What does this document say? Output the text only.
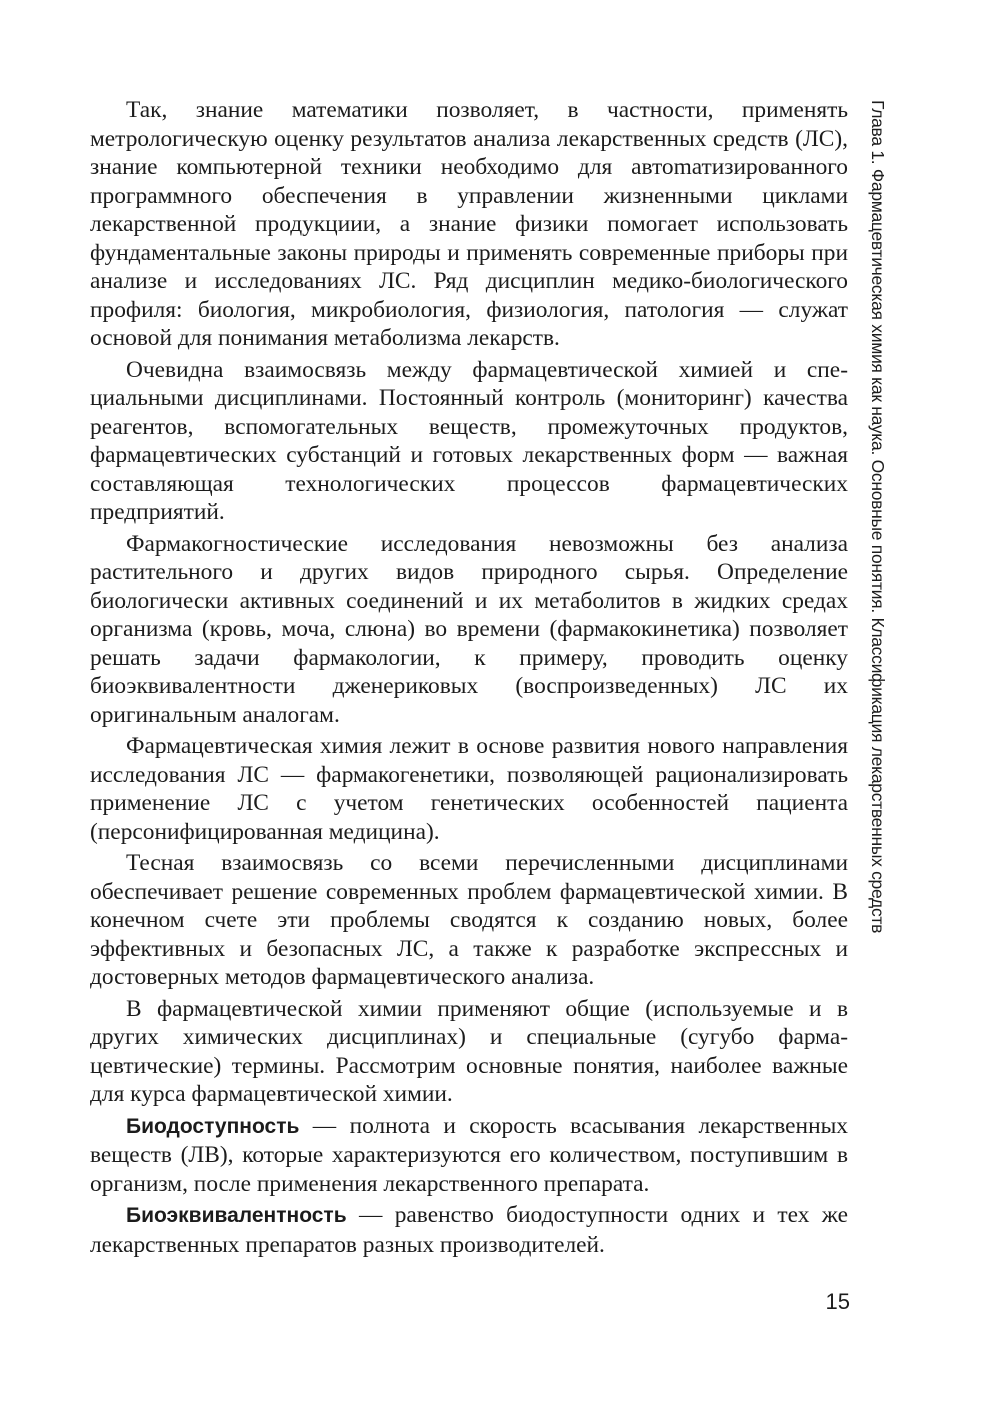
Глава 1. Фармацевтическая химия как наука. Основные понятия. Классификация лекарственных средств

Так, знание математики позволяет, в частности, применять метрологическую оценку результатов анализа лекарственных средств (ЛС), знание компьютерной техники необходимо для автоmатизированного программного обеспечения в управлении жизненными циклами лекарственной продукциии, а знание физики помогает использовать фундаментальные законы природы и применять современные приборы при анализе и исследованиях ЛС. Ряд дисциплин медико-биологического профиля: биология, микробиология, физиология, патология — служат основой для понимания метаболизма лекарств.

Очевидна взаимосвязь между фармацевтической химией и специальными дисциплинами. Постоянный контроль (мониторинг) качества реагентов, вспомогательных веществ, промежуточных продуктов, фармацевтических субстанций и готовых лекарственных форм — важная составляющая технологических процессов фармацевтических предприятий.

Фармакогностические исследования невозможны без анализа растительного и других видов природного сырья. Определение биологически активных соединений и их метаболитов в жидких средах организма (кровь, моча, слюна) во времени (фармакокинетика) позволяет решать задачи фармакологии, к примеру, проводить оценку биоэквивалентности дженериковых (воспроизведенных) ЛС их оригинальным аналогам.

Фармацевтическая химия лежит в основе развития нового направления исследования ЛС — фармакогенетики, позволяющей рационализировать применение ЛС с учетом генетических особенностей пациента (персонифицированная медицина).

Тесная взаимосвязь со всеми перечисленными дисциплинами обеспечивает решение современных проблем фармацевтической химии. В конечном счете эти проблемы сводятся к созданию новых, более эффективных и безопасных ЛС, а также к разработке экспрессных и достоверных методов фармацевтического анализа.

В фармацевтической химии применяют общие (используемые и в других химических дисциплинах) и специальные (сугубо фармацевтические) термины. Рассмотрим основные понятия, наиболее важные для курса фармацевтической химии.

Биодоступность — полнота и скорость всасывания лекарственных веществ (ЛВ), которые характеризуются его количеством, поступившим в организм, после применения лекарственного препарата.

Биоэквивалентность — равенство биодоступности одних и тех же лекарственных препаратов разных производителей.

15
